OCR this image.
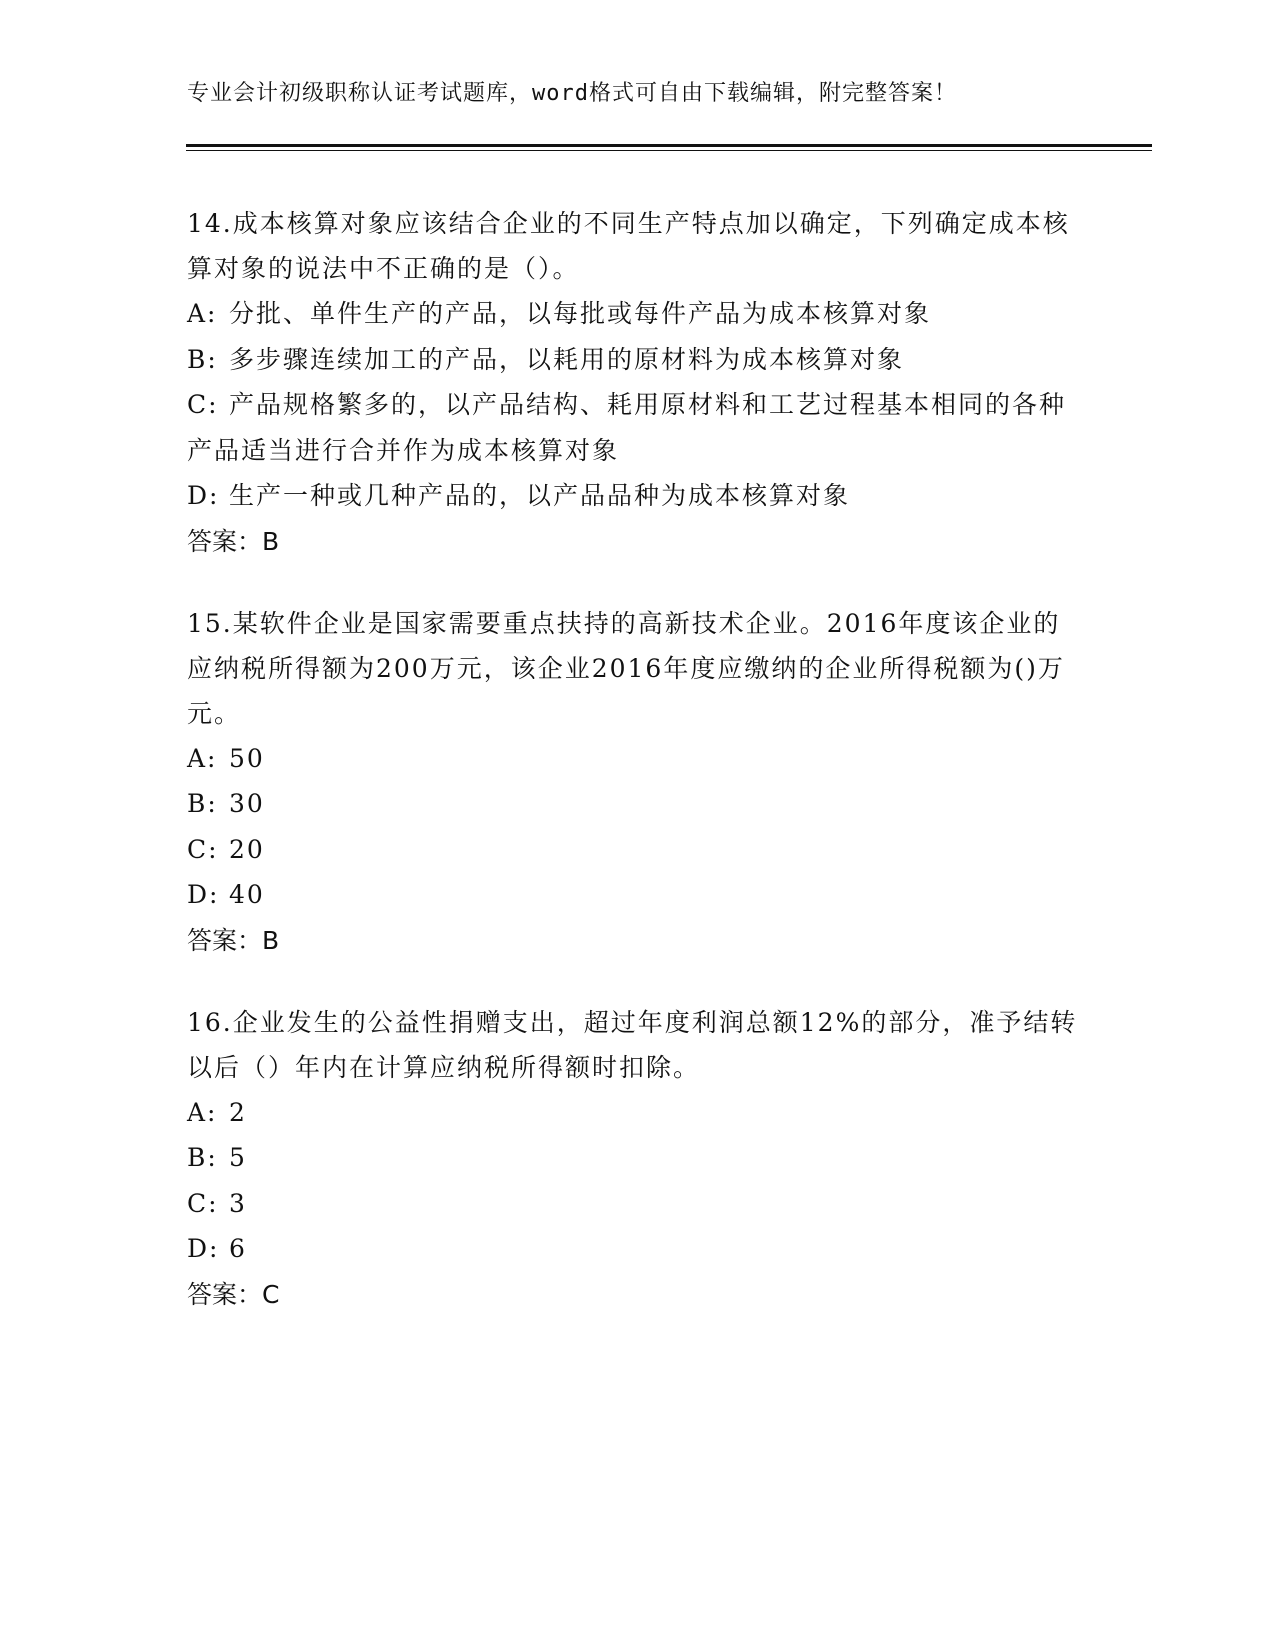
专业会计初级职称认证考试题库，word格式可自由下载编辑，附完整答案！

14.成本核算对象应该结合企业的不同生产特点加以确定，下列确定成本核算对象的说法中不正确的是（）。

A: 分批、单件生产的产品，以每批或每件产品为成本核算对象
B: 多步骤连续加工的产品，以耗用的原材料为成本核算对象
C: 产品规格繁多的，以产品结构、耗用原材料和工艺过程基本相同的各种产品适当进行合并作为成本核算对象
D: 生产一种或几种产品的，以产品品种为成本核算对象
答案：B

15.某软件企业是国家需要重点扶持的高新技术企业。2016年度该企业的应纳税所得额为200万元，该企业2016年度应缴纳的企业所得税额为()万元。

A: 50
B: 30
C: 20
D: 40
答案：B

16.企业发生的公益性捐赠支出，超过年度利润总额12%的部分，准予结转以后（）年内在计算应纳税所得额时扣除。

A: 2
B: 5
C: 3
D: 6
答案：C
